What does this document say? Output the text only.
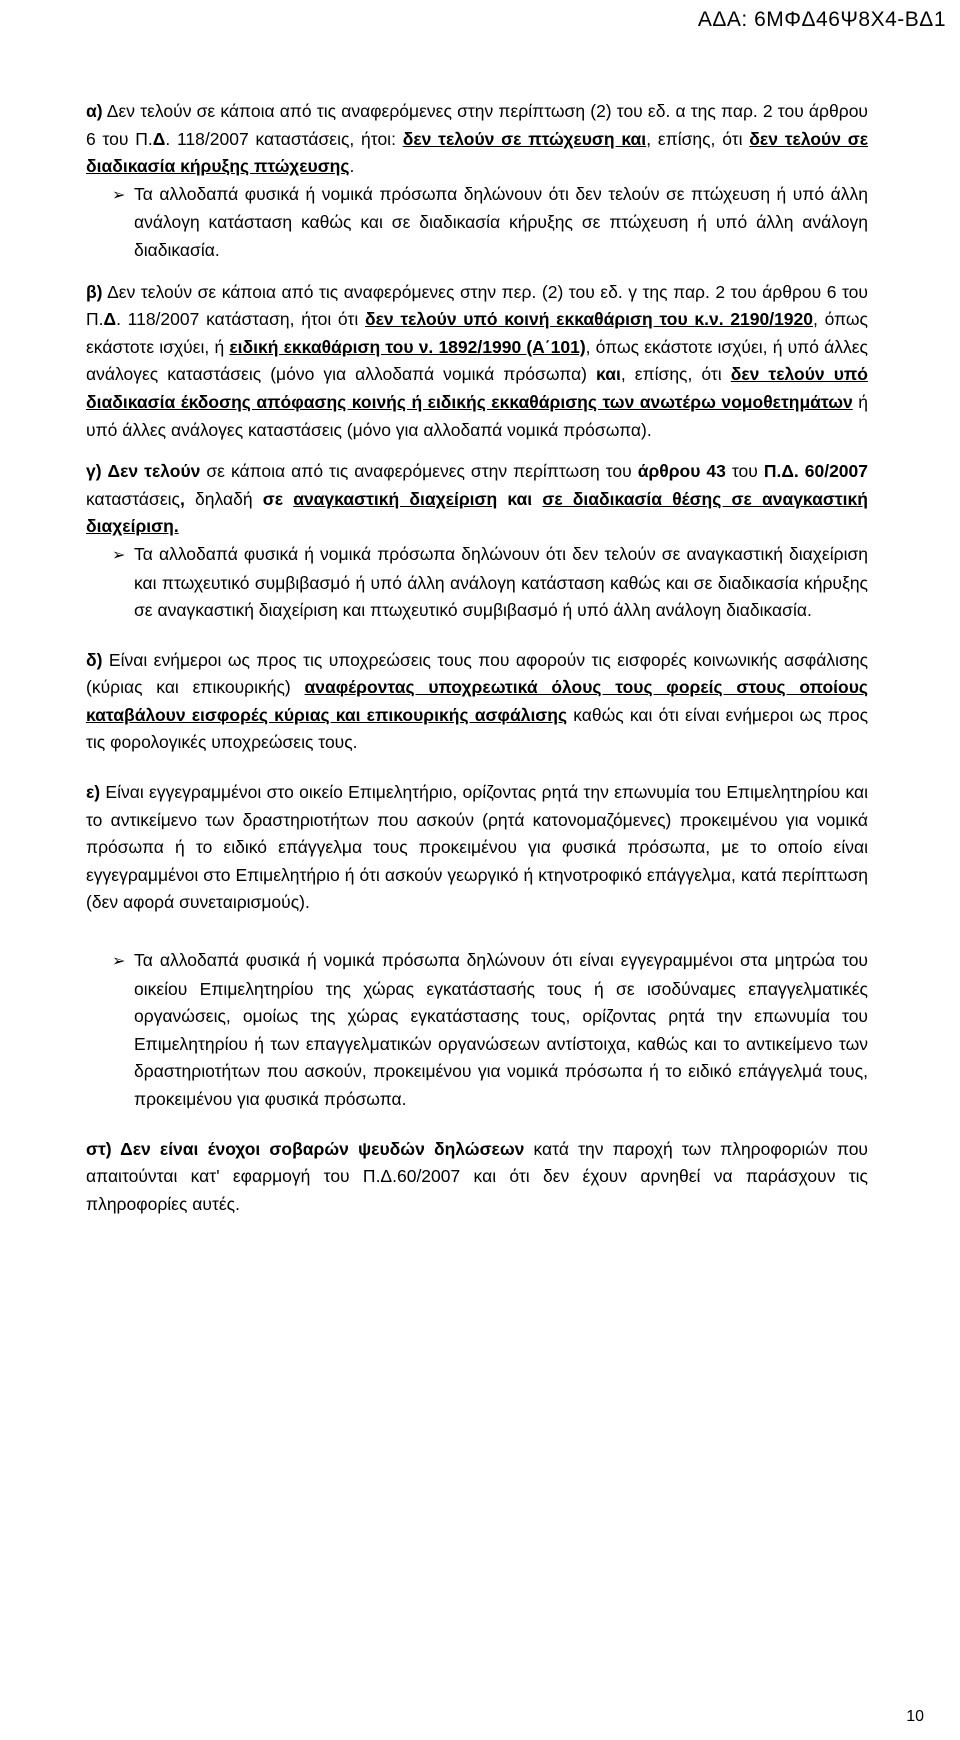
ΑΔΑ: 6ΜΦΔ46Ψ8Χ4-ΒΔ1

α) Δεν τελούν σε κάποια από τις αναφερόμενες στην περίπτωση (2) του εδ. α της παρ. 2 του άρθρου 6 του Π.Δ. 118/2007 καταστάσεις, ήτοι: δεν τελούν σε πτώχευση και, επίσης, ότι δεν τελούν σε διαδικασία κήρυξης πτώχευσης.

➢ Τα αλλοδαπά φυσικά ή νομικά πρόσωπα δηλώνουν ότι δεν τελούν σε πτώχευση ή υπό άλλη ανάλογη κατάσταση καθώς και σε διαδικασία κήρυξης σε πτώχευση ή υπό άλλη ανάλογη διαδικασία.

β) Δεν τελούν σε κάποια από τις αναφερόμενες στην περ. (2) του εδ. γ της παρ. 2 του άρθρου 6 του Π.Δ. 118/2007 κατάσταση, ήτοι ότι δεν τελούν υπό κοινή εκκαθάριση του κ.ν. 2190/1920, όπως εκάστοτε ισχύει, ή ειδική εκκαθάριση του ν. 1892/1990 (Α΄101), όπως εκάστοτε ισχύει, ή υπό άλλες ανάλογες καταστάσεις (μόνο για αλλοδαπά νομικά πρόσωπα) και, επίσης, ότι δεν τελούν υπό διαδικασία έκδοσης απόφασης κοινής ή ειδικής εκκαθάρισης των ανωτέρω νομοθετημάτων ή υπό άλλες ανάλογες καταστάσεις (μόνο για αλλοδαπά νομικά πρόσωπα).

γ) Δεν τελούν σε κάποια από τις αναφερόμενες στην περίπτωση του άρθρου 43 του Π.Δ. 60/2007 καταστάσεις, δηλαδή σε αναγκαστική διαχείριση και σε διαδικασία θέσης σε αναγκαστική διαχείριση.

➢ Τα αλλοδαπά φυσικά ή νομικά πρόσωπα δηλώνουν ότι δεν τελούν σε αναγκαστική διαχείριση και πτωχευτικό συμβιβασμό ή υπό άλλη ανάλογη κατάσταση καθώς και σε διαδικασία κήρυξης σε αναγκαστική διαχείριση και πτωχευτικό συμβιβασμό ή υπό άλλη ανάλογη διαδικασία.

δ) Είναι ενήμεροι ως προς τις υποχρεώσεις τους που αφορούν τις εισφορές κοινωνικής ασφάλισης (κύριας και επικουρικής) αναφέροντας υποχρεωτικά όλους τους φορείς στους οποίους καταβάλουν εισφορές κύριας και επικουρικής ασφάλισης καθώς και ότι είναι ενήμεροι ως προς τις φορολογικές υποχρεώσεις τους.

ε) Είναι εγγεγραμμένοι στο οικείο Επιμελητήριο, ορίζοντας ρητά την επωνυμία του Επιμελητηρίου και το αντικείμενο των δραστηριοτήτων που ασκούν (ρητά κατονομαζόμενες) προκειμένου για νομικά πρόσωπα ή το ειδικό επάγγελμα τους προκειμένου για φυσικά πρόσωπα, με το οποίο είναι εγγεγραμμένοι στο Επιμελητήριο ή ότι ασκούν γεωργικό ή κτηνοτροφικό επάγγελμα, κατά περίπτωση (δεν αφορά συνεταιρισμούς).

➢ Τα αλλοδαπά φυσικά ή νομικά πρόσωπα δηλώνουν ότι είναι εγγεγραμμένοι στα μητρώα του οικείου Επιμελητηρίου της χώρας εγκατάστασής τους ή σε ισοδύναμες επαγγελματικές οργανώσεις, ομοίως της χώρας εγκατάστασης τους, ορίζοντας ρητά την επωνυμία του Επιμελητηρίου ή των επαγγελματικών οργανώσεων αντίστοιχα, καθώς και το αντικείμενο των δραστηριοτήτων που ασκούν, προκειμένου για νομικά πρόσωπα ή το ειδικό επάγγελμά τους, προκειμένου για φυσικά πρόσωπα.

στ) Δεν είναι ένοχοι σοβαρών ψευδών δηλώσεων κατά την παροχή των πληροφοριών που απαιτούνται κατ' εφαρμογή του Π.Δ.60/2007 και ότι δεν έχουν αρνηθεί να παράσχουν τις πληροφορίες αυτές.

10
